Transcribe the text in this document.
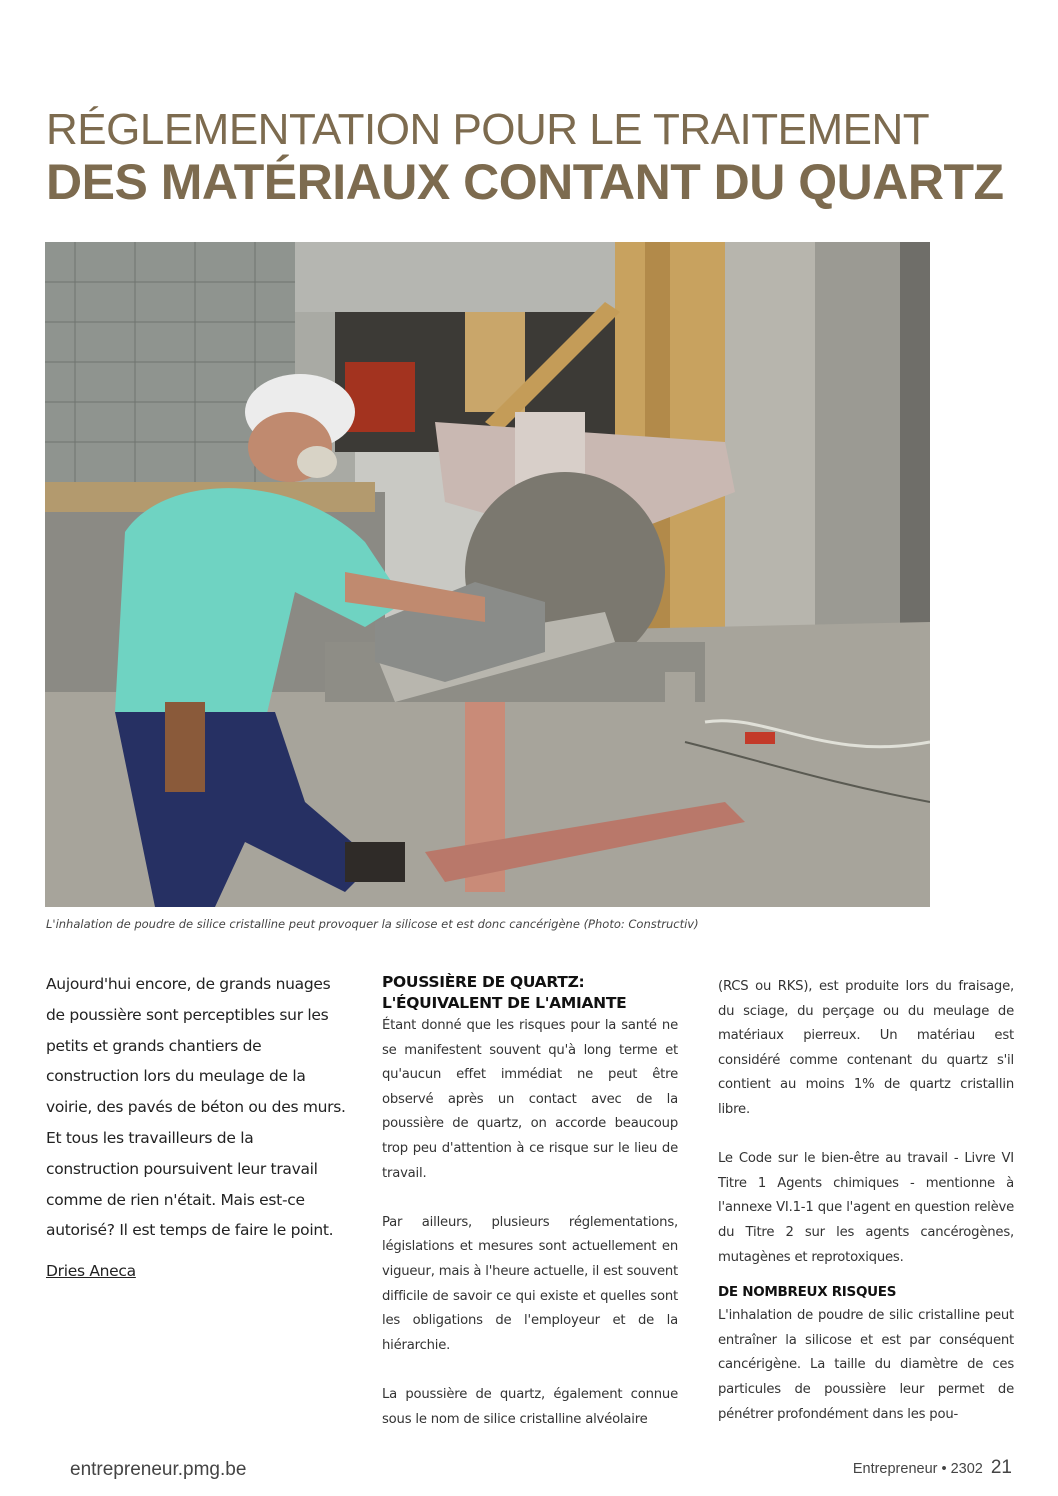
RÉGLEMENTATION POUR LE TRAITEMENT
DES MATÉRIAUX CONTANT DU QUARTZ
L'inhalation de poudre de silice cristalline peut provoquer la silicose et est donc cancérigène (Photo: Constructiv)
Aujourd'hui encore, de grands nuages de poussière sont perceptibles sur les petits et grands chantiers de construction lors du meulage de la voirie, des pavés de béton ou des murs. Et tous les travailleurs de la construction poursuivent leur travail comme de rien n'était. Mais est-ce autorisé? Il est temps de faire le point.
Dries Aneca
POUSSIÈRE DE QUARTZ:
L'ÉQUIVALENT DE L'AMIANTE

Étant donné que les risques pour la santé ne se manifestent souvent qu'à long terme et qu'aucun effet immédiat ne peut être observé après un contact avec de la poussière de quartz, on accorde beaucoup trop peu d'attention à ce risque sur le lieu de travail.

Par ailleurs, plusieurs réglementations, législations et mesures sont actuellement en vigueur, mais à l'heure actuelle, il est souvent difficile de savoir ce qui existe et quelles sont les obligations de l'employeur et de la hiérarchie.

La poussière de quartz, également connue sous le nom de silice cristalline alvéolaire

(RCS ou RKS), est produite lors du fraisage, du sciage, du perçage ou du meulage de matériaux pierreux. Un matériau est considéré comme contenant du quartz s'il contient au moins 1% de quartz cristallin libre.

Le Code sur le bien-être au travail - Livre VI Titre 1 Agents chimiques - mentionne à l'annexe VI.1-1 que l'agent en question relève du Titre 2 sur les agents cancérogènes, mutagènes et reprotoxiques.

DE NOMBREUX RISQUES

L'inhalation de poudre de silic cristalline peut entraîner la silicose et est par conséquent cancérigène. La taille du diamètre de ces particules de poussière leur permet de pénétrer profondément dans les pou-

entrepreneur.pmg.be	Entrepreneur • 2302 21
